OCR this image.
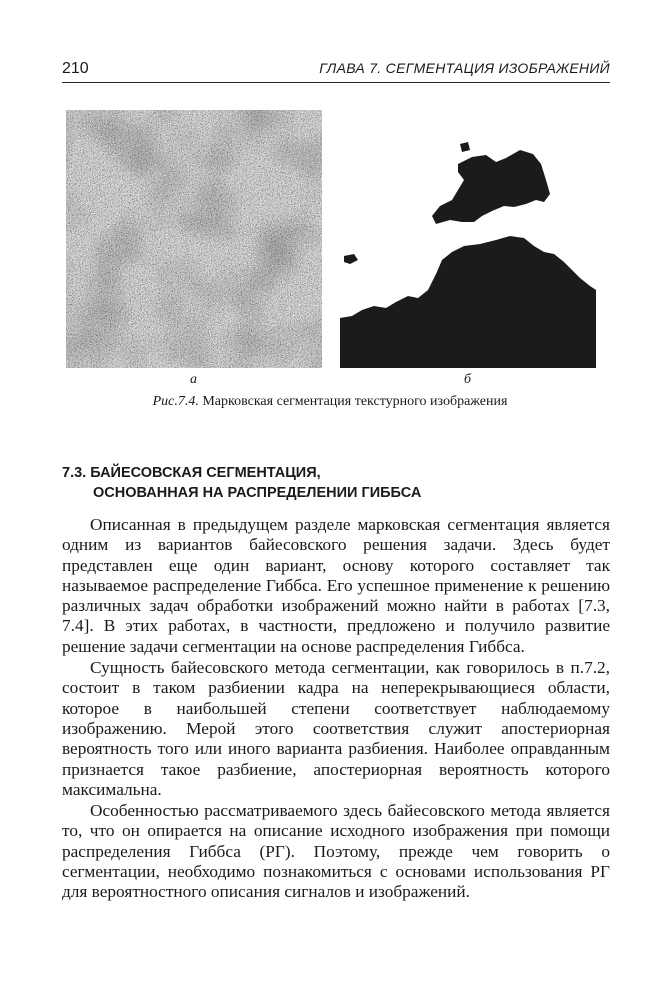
210	ГЛАВА 7. СЕГМЕНТАЦИЯ ИЗОБРАЖЕНИЙ
а	б
Рис.7.4. Марковская сегментация текстурного изображения
7.3. БАЙЕСОВСКАЯ СЕГМЕНТАЦИЯ,
ОСНОВАННАЯ НА РАСПРЕДЕЛЕНИИ ГИББСА

Описанная в предыдущем разделе марковская сегментация является одним из вариантов байесовского решения задачи. Здесь будет представлен еще один вариант, основу которого составляет так называемое распределение Гиббса. Его успешное применение к решению различных задач обработки изображений можно найти в работах [7.3, 7.4]. В этих работах, в частности, предложено и получило развитие решение задачи сегментации на основе распределения Гиббса.

Сущность байесовского метода сегментации, как говорилось в п.7.2, состоит в таком разбиении кадра на неперекрывающиеся области, которое в наибольшей степени соответствует наблюдаемому изображению. Мерой этого соответствия служит апостериорная вероятность того или иного варианта разбиения. Наиболее оправданным признается такое разбиение, апостериорная вероятность которого максимальна.

Особенностью рассматриваемого здесь байесовского метода является то, что он опирается на описание исходного изображения при помощи распределения Гиббса (РГ). Поэтому, прежде чем говорить о сегментации, необходимо познакомиться с основами использования РГ для вероятностного описания сигналов и изображений.
